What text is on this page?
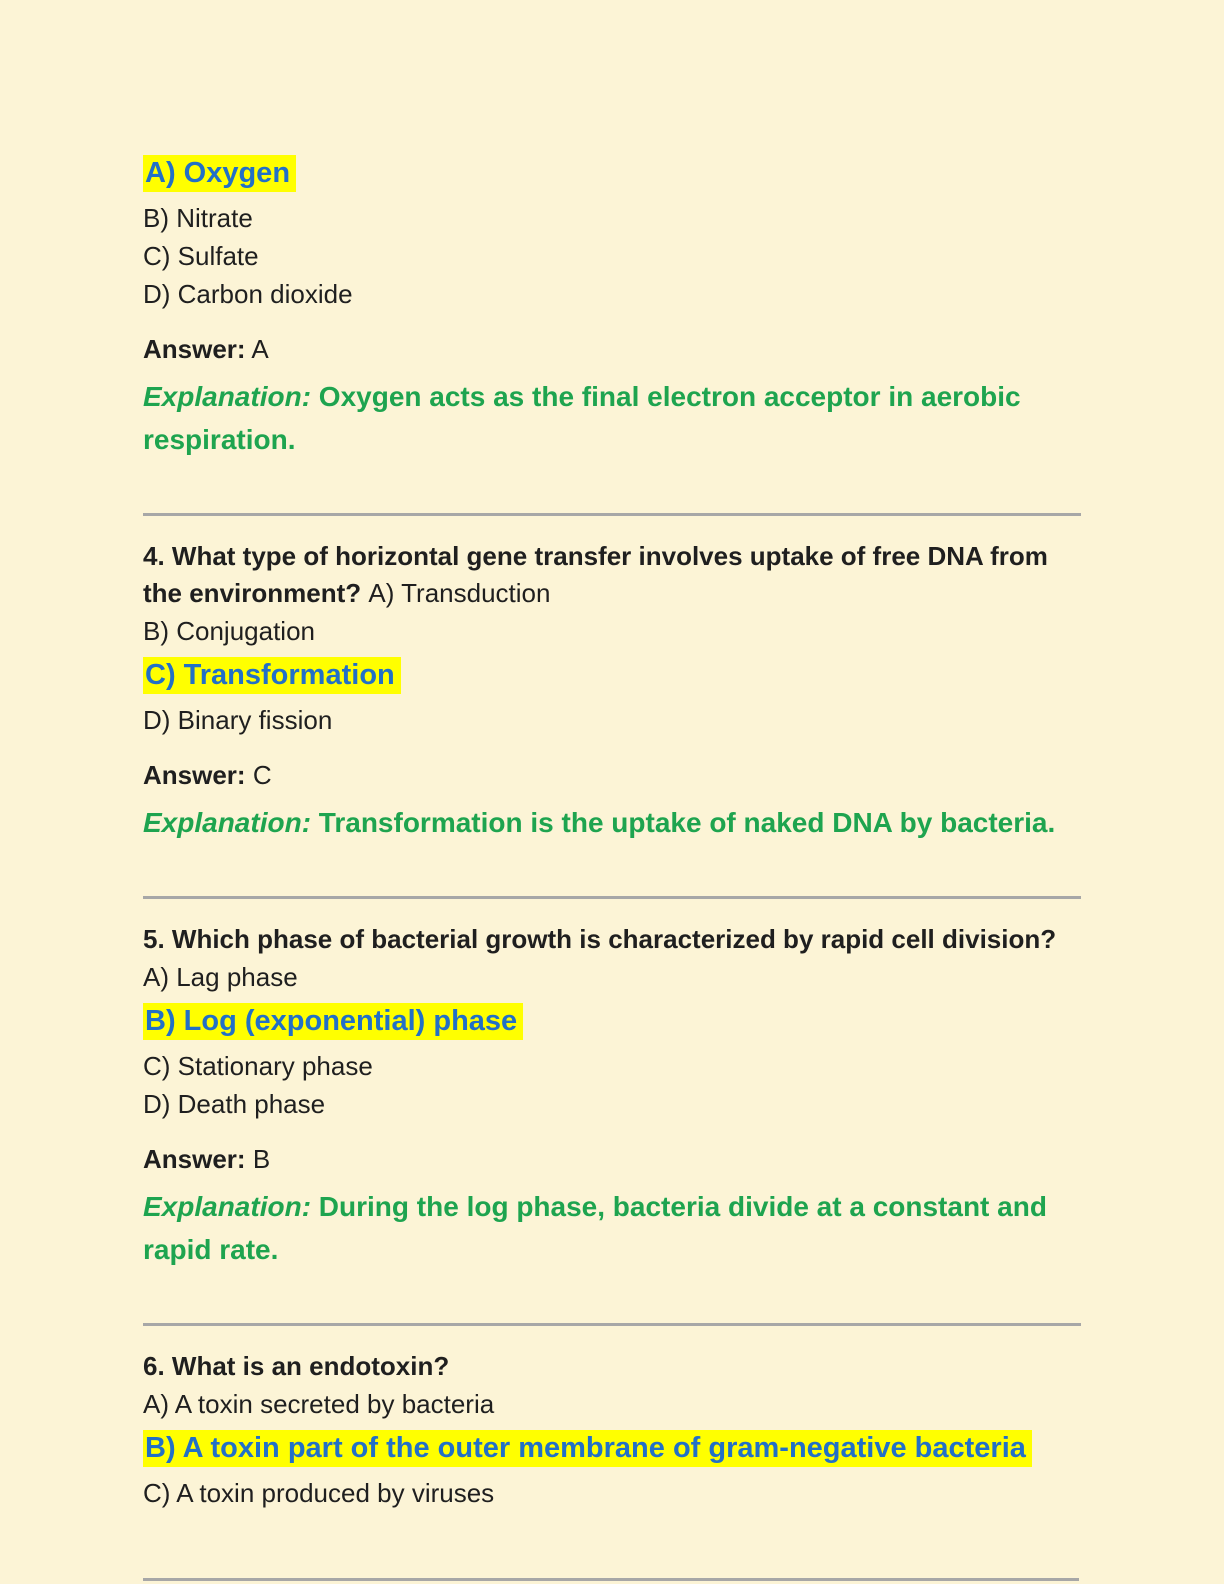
A) Oxygen

B) Nitrate

C) Sulfate

D) Carbon dioxide

Answer: A

Explanation: Oxygen acts as the final electron acceptor in aerobic respiration.

4. What type of horizontal gene transfer involves uptake of free DNA from the environment? A) Transduction

B) Conjugation

C) Transformation

D) Binary fission

Answer: C

Explanation: Transformation is the uptake of naked DNA by bacteria.

5. Which phase of bacterial growth is characterized by rapid cell division?

A) Lag phase

B) Log (exponential) phase

C) Stationary phase

D) Death phase

Answer: B

Explanation: During the log phase, bacteria divide at a constant and rapid rate.

6. What is an endotoxin?

A) A toxin secreted by bacteria

B) A toxin part of the outer membrane of gram-negative bacteria

C) A toxin produced by viruses
